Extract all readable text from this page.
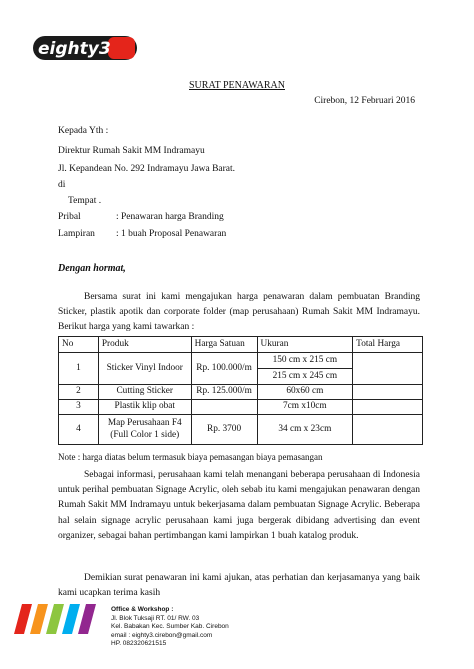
eighty3
SURAT PENAWARAN
Cirebon, 12 Februari 2016
Kepada Yth :
Direktur Rumah Sakit MM Indramayu
Jl. Kepandean No. 292 Indramayu Jawa Barat.
di
Tempat .
Pribal	: Penawaran harga Branding
Lampiran : 1 buah Proposal Penawaran
Dengan hormat,
Bersama surat ini kami mengajukan harga penawaran dalam pembuatan Branding Sticker, plastik apotik dan corporate folder (map perusahaan) Rumah Sakit MM Indramayu. Berikut harga yang kami tawarkan :
No	Produk	Harga Satuan	Ukuran	Total Harga
1	Sticker Vinyl Indoor	Rp. 100.000/m	150 cm x 215 cm	
			215 cm x 245 cm	
2	Cutting Sticker	Rp. 125.000/m	60x60 cm	
3	Plastik klip obat		7cm x10cm	
4	Map Perusahaan F4
(Full Color 1 side)	Rp. 3700	34 cm x 23cm	
Note : harga diatas belum termasuk biaya pemasangan biaya pemasangan
Sebagai informasi, perusahaan kami telah menangani beberapa perusahaan di Indonesia untuk perihal pembuatan Signage Acrylic, oleh sebab itu kami mengajukan penawaran dengan Rumah Sakit MM Indramayu untuk bekerjasama dalam pembuatan Signage Acrylic. Beberapa hal selain signage acrylic perusahaan kami juga bergerak dibidang advertising dan event organizer, sebagai bahan pertimbangan kami lampirkan 1 buah katalog produk.
Demikian surat penawaran ini kami ajukan, atas perhatian dan kerjasamanya yang baik kami ucapkan terima kasih
Office & Workshop :
Jl. Blok Tuksaji RT. 01/ RW. 03
Kel. Babakan Kec. Sumber Kab. Cirebon
email : eighty3.cirebon@gmail.com
HP. 082320621515
